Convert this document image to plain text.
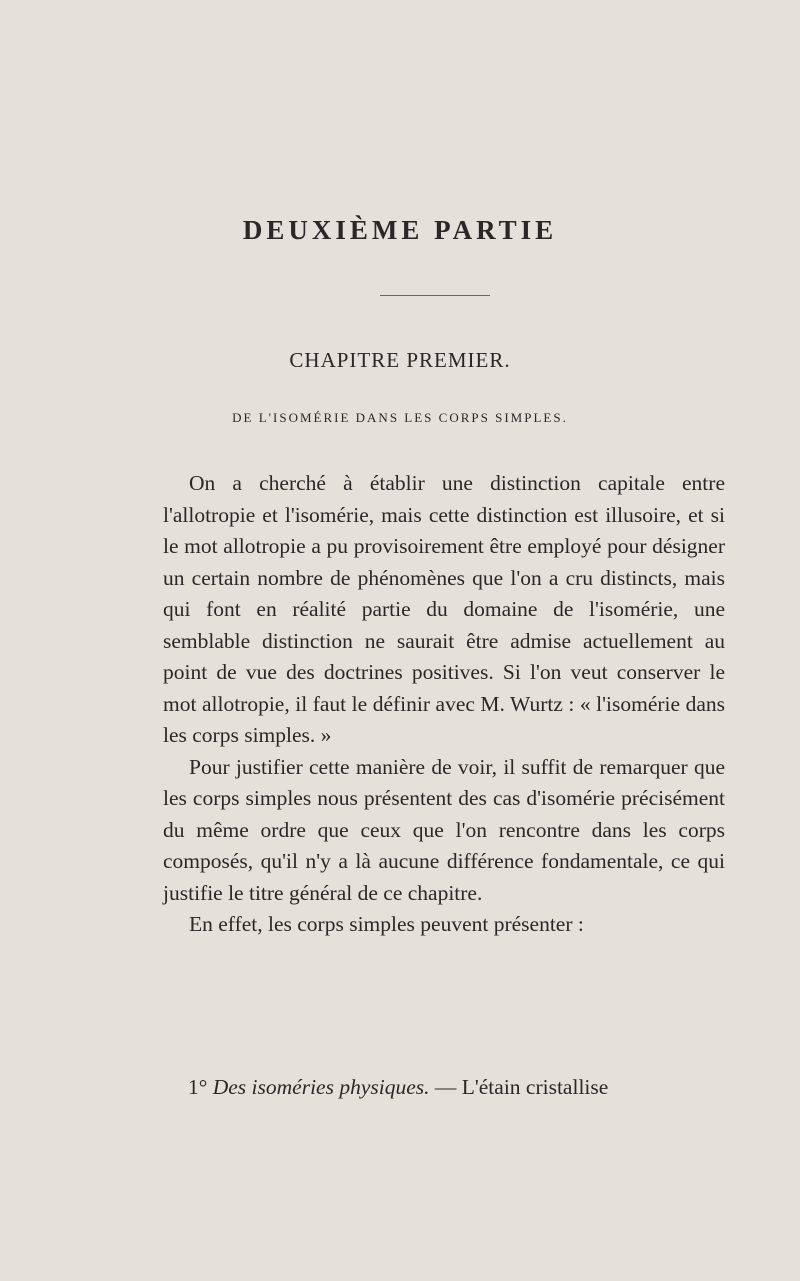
DEUXIÈME PARTIE
CHAPITRE PREMIER.
DE L'ISOMÉRIE DANS LES CORPS SIMPLES.

On a cherché à établir une distinction capitale entre l'allotropie et l'isomérie, mais cette distinction est illusoire, et si le mot allotropie a pu provisoirement être employé pour désigner un certain nombre de phénomènes que l'on a cru distincts, mais qui font en réalité partie du domaine de l'isomérie, une semblable distinction ne saurait être admise actuellement au point de vue des doctrines positives. Si l'on veut conserver le mot allotropie, il faut le définir avec M. Wurtz : « l'isomérie dans les corps simples. »

Pour justifier cette manière de voir, il suffit de remarquer que les corps simples nous présentent des cas d'isomérie précisément du même ordre que ceux que l'on rencontre dans les corps composés, qu'il n'y a là aucune différence fondamentale, ce qui justifie le titre général de ce chapitre.

En effet, les corps simples peuvent présenter :

1° Des isoméries physiques. — L'étain cristallise
